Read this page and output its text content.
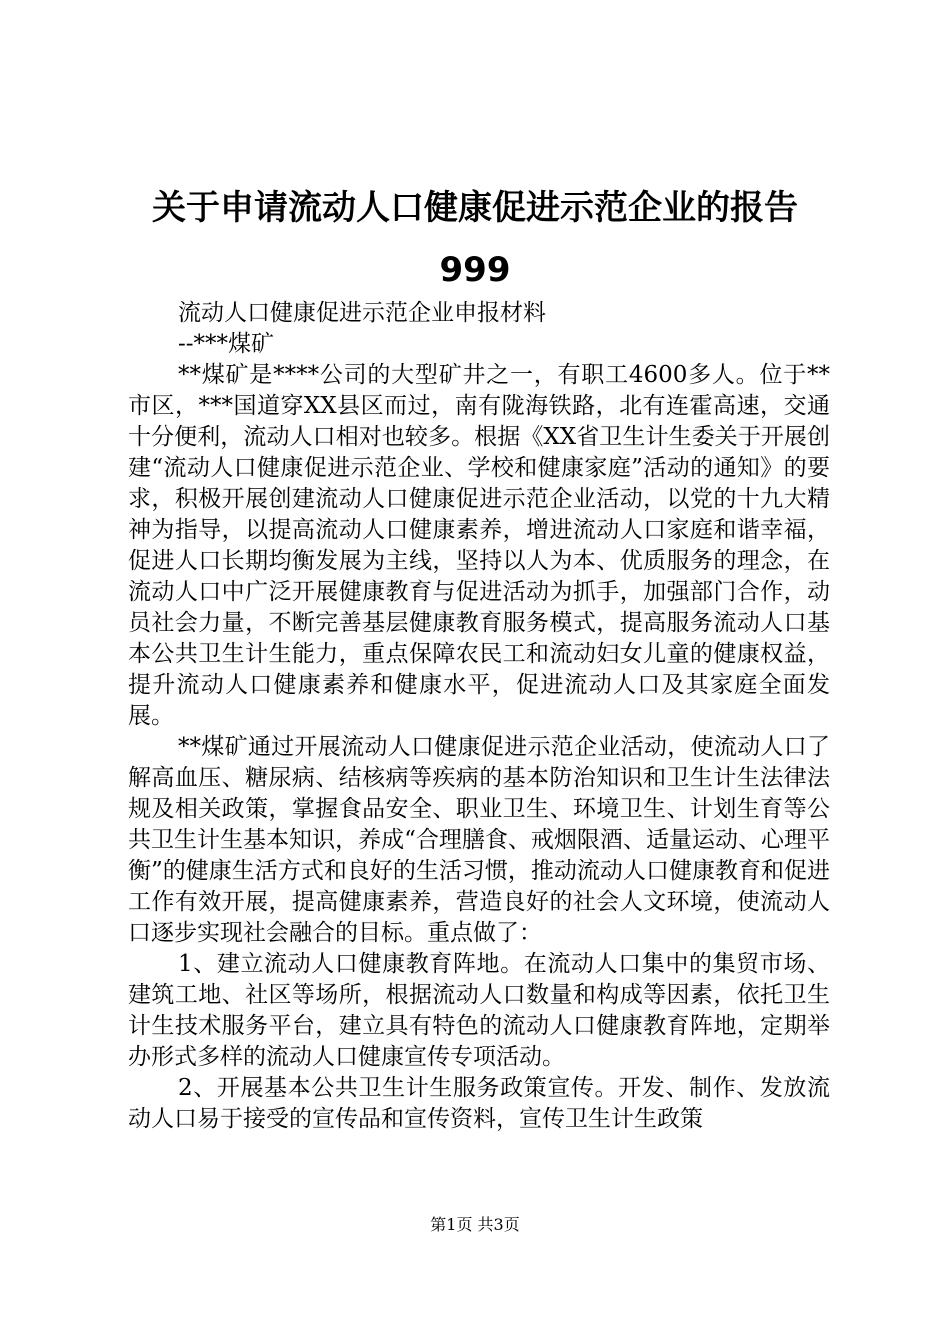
关于申请流动人口健康促进示范企业的报告
999

流动人口健康促进示范企业申报材料

--***煤矿

**煤矿是****公司的大型矿井之一，有职工4600多人。位于**市区，***国道穿XX县区而过，南有陇海铁路，北有连霍高速，交通十分便利，流动人口相对也较多。根据《XX省卫生计生委关于开展创建“流动人口健康促进示范企业、学校和健康家庭”活动的通知》的要求，积极开展创建流动人口健康促进示范企业活动，以党的十九大精神为指导，以提高流动人口健康素养，增进流动人口家庭和谐幸福，促进人口长期均衡发展为主线，坚持以人为本、优质服务的理念，在流动人口中广泛开展健康教育与促进活动为抓手，加强部门合作，动员社会力量，不断完善基层健康教育服务模式，提高服务流动人口基本公共卫生计生能力，重点保障农民工和流动妇女儿童的健康权益，提升流动人口健康素养和健康水平，促进流动人口及其家庭全面发展。

**煤矿通过开展流动人口健康促进示范企业活动，使流动人口了解高血压、糖尿病、结核病等疾病的基本防治知识和卫生计生法律法规及相关政策，掌握食品安全、职业卫生、环境卫生、计划生育等公共卫生计生基本知识，养成“合理膳食、戒烟限酒、适量运动、心理平衡”的健康生活方式和良好的生活习惯，推动流动人口健康教育和促进工作有效开展，提高健康素养，营造良好的社会人文环境，使流动人口逐步实现社会融合的目标。重点做了：

1、建立流动人口健康教育阵地。在流动人口集中的集贸市场、建筑工地、社区等场所，根据流动人口数量和构成等因素，依托卫生计生技术服务平台，建立具有特色的流动人口健康教育阵地，定期举办形式多样的流动人口健康宣传专项活动。

2、开展基本公共卫生计生服务政策宣传。开发、制作、发放流动人口易于接受的宣传品和宣传资料，宣传卫生计生政策

第1页 共3页
